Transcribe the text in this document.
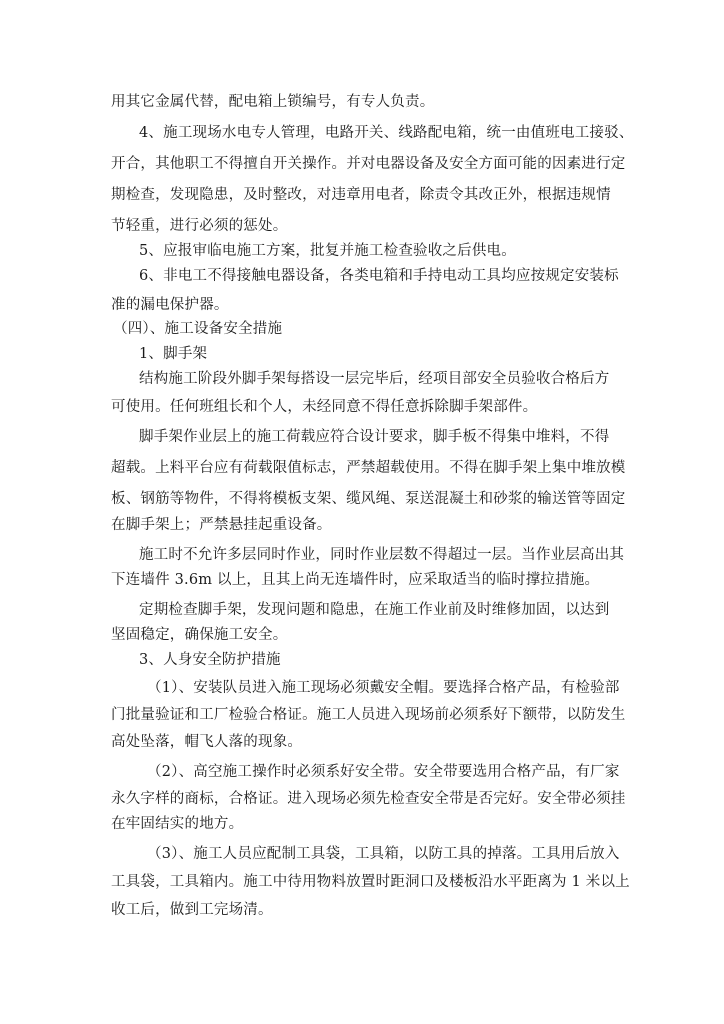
用其它金属代替，配电箱上锁编号，有专人负责。
4、施工现场水电专人管理，电路开关、线路配电箱，统一由值班电工接驳、
开合，其他职工不得擅自开关操作。并对电器设备及安全方面可能的因素进行定
期检查，发现隐患，及时整改，对违章用电者，除责令其改正外，根据违规情
节轻重，进行必须的惩处。
5、应报审临电施工方案，批复并施工检查验收之后供电。
6、非电工不得接触电器设备，各类电箱和手持电动工具均应按规定安装标
准的漏电保护器。
（四）、施工设备安全措施
1、脚手架
结构施工阶段外脚手架每搭设一层完毕后，经项目部安全员验收合格后方
可使用。任何班组长和个人，未经同意不得任意拆除脚手架部件。
脚手架作业层上的施工荷载应符合设计要求，脚手板不得集中堆料，不得
超载。上料平台应有荷载限值标志，严禁超载使用。不得在脚手架上集中堆放模
板、钢筋等物件，不得将模板支架、缆风绳、泵送混凝土和砂浆的输送管等固定
在脚手架上；严禁悬挂起重设备。
施工时不允许多层同时作业，同时作业层数不得超过一层。当作业层高出其
下连墙件 3.6m 以上，且其上尚无连墙件时，应采取适当的临时撑拉措施。
定期检查脚手架，发现问题和隐患，在施工作业前及时维修加固，以达到
坚固稳定，确保施工安全。
3、人身安全防护措施
（1）、安装队员进入施工现场必须戴安全帽。要选择合格产品，有检验部
门批量验证和工厂检验合格证。施工人员进入现场前必须系好下额带，以防发生
高处坠落，帽飞人落的现象。
（2）、高空施工操作时必须系好安全带。安全带要选用合格产品，有厂家
永久字样的商标，合格证。进入现场必须先检查安全带是否完好。安全带必须挂
在牢固结实的地方。
（3）、施工人员应配制工具袋，工具箱，以防工具的掉落。工具用后放入
工具袋，工具箱内。施工中待用物料放置时距洞口及楼板沿水平距离为 1 米以上
收工后，做到工完场清。
